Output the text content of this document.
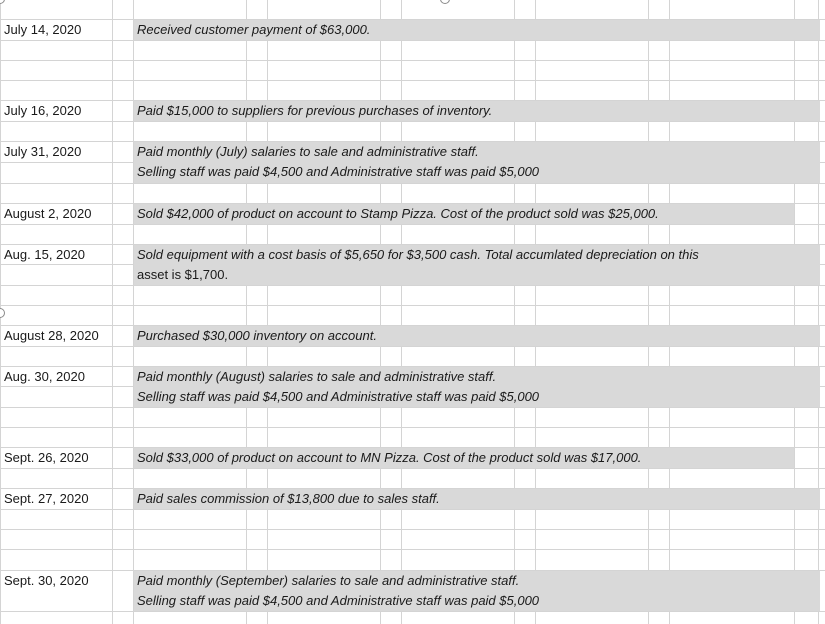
July 14, 2020
July 16, 2020
July 31, 2020
August 2, 2020
Aug. 15, 2020
August 28, 2020
Aug. 30, 2020
Sept. 26, 2020
Sept. 27, 2020
Sept. 30, 2020
Received customer payment of $63,000.
Paid $15,000 to suppliers for previous purchases of inventory.
Paid monthly (July) salaries to sale and administrative staff.
Selling staff was paid $4,500 and Administrative staff was paid $5,000
Sold $42,000 of product on account to Stamp Pizza. Cost of the product sold was $25,000.
Sold equipment with a cost basis of $5,650 for $3,500 cash. Total accumlated depreciation on this
asset is $1,700.
Purchased $30,000 inventory on account.
Paid monthly (August) salaries to sale and administrative staff.
Selling staff was paid $4,500 and Administrative staff was paid $5,000
Sold $33,000 of product on account to MN Pizza. Cost of the product sold was $17,000.
Paid sales commission of $13,800 due to sales staff.
Paid monthly (September) salaries to sale and administrative staff.
Selling staff was paid $4,500 and Administrative staff was paid $5,000
